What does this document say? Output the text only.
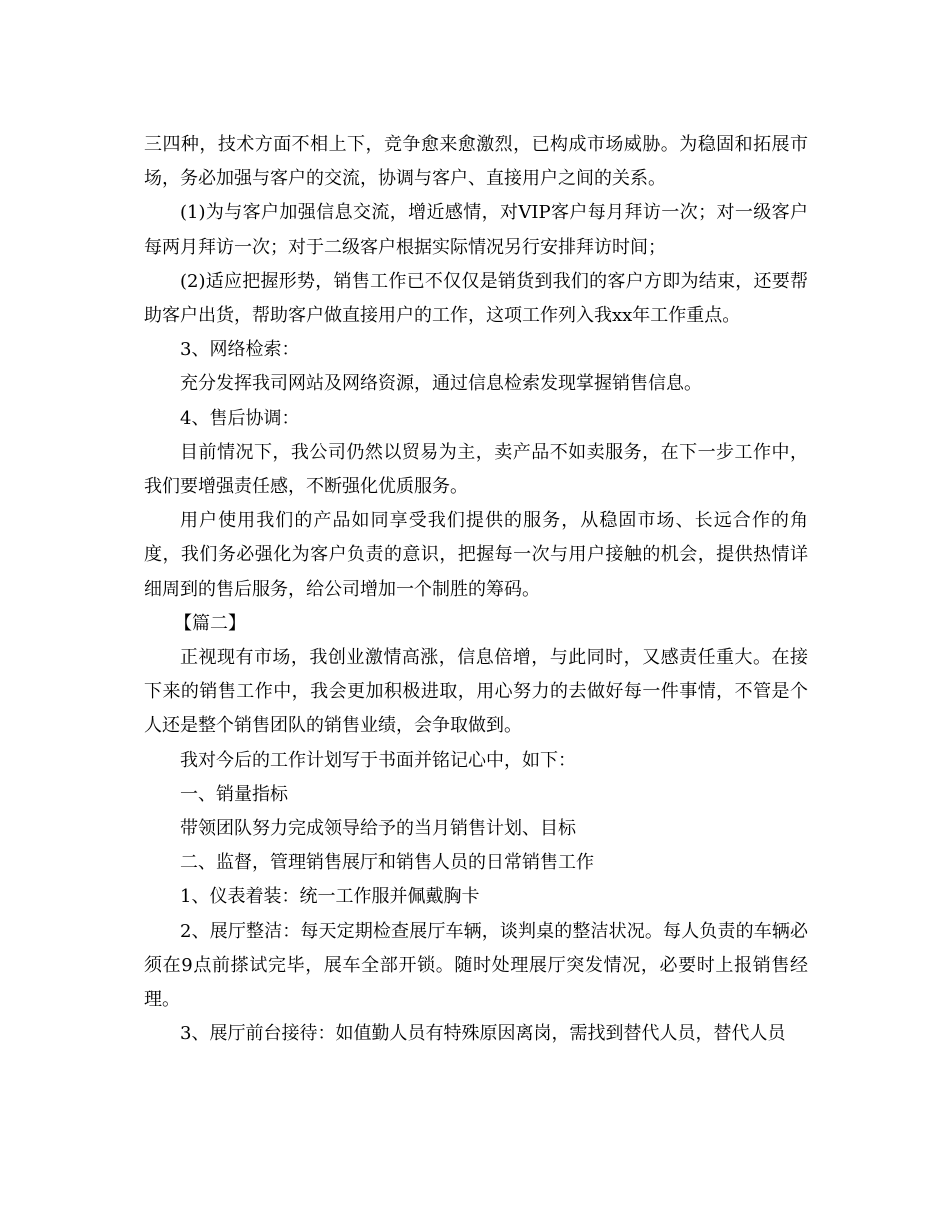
三四种，技术方面不相上下，竞争愈来愈激烈，已构成市场威胁。为稳固和拓展市场，务必加强与客户的交流，协调与客户、直接用户之间的关系。

(1)为与客户加强信息交流，增近感情，对VIP客户每月拜访一次；对一级客户每两月拜访一次；对于二级客户根据实际情况另行安排拜访时间；

(2)适应把握形势，销售工作已不仅仅是销货到我们的客户方即为结束，还要帮助客户出货，帮助客户做直接用户的工作，这项工作列入我xx年工作重点。

3、网络检索：

充分发挥我司网站及网络资源，通过信息检索发现掌握销售信息。

4、售后协调：

目前情况下，我公司仍然以贸易为主，卖产品不如卖服务，在下一步工作中，我们要增强责任感，不断强化优质服务。

用户使用我们的产品如同享受我们提供的服务，从稳固市场、长远合作的角度，我们务必强化为客户负责的意识，把握每一次与用户接触的机会，提供热情详细周到的售后服务，给公司增加一个制胜的筹码。

【篇二】

正视现有市场，我创业激情高涨，信息倍增，与此同时，又感责任重大。在接下来的销售工作中，我会更加积极进取，用心努力的去做好每一件事情，不管是个人还是整个销售团队的销售业绩，会争取做到。

我对今后的工作计划写于书面并铭记心中，如下：

一、销量指标

带领团队努力完成领导给予的当月销售计划、目标

二、监督，管理销售展厅和销售人员的日常销售工作

1、仪表着装：统一工作服并佩戴胸卡

2、展厅整洁：每天定期检查展厅车辆，谈判桌的整洁状况。每人负责的车辆必须在9点前搽试完毕，展车全部开锁。随时处理展厅突发情况，必要时上报销售经理。

3、展厅前台接待：如值勤人员有特殊原因离岗，需找到替代人员，替代人员
